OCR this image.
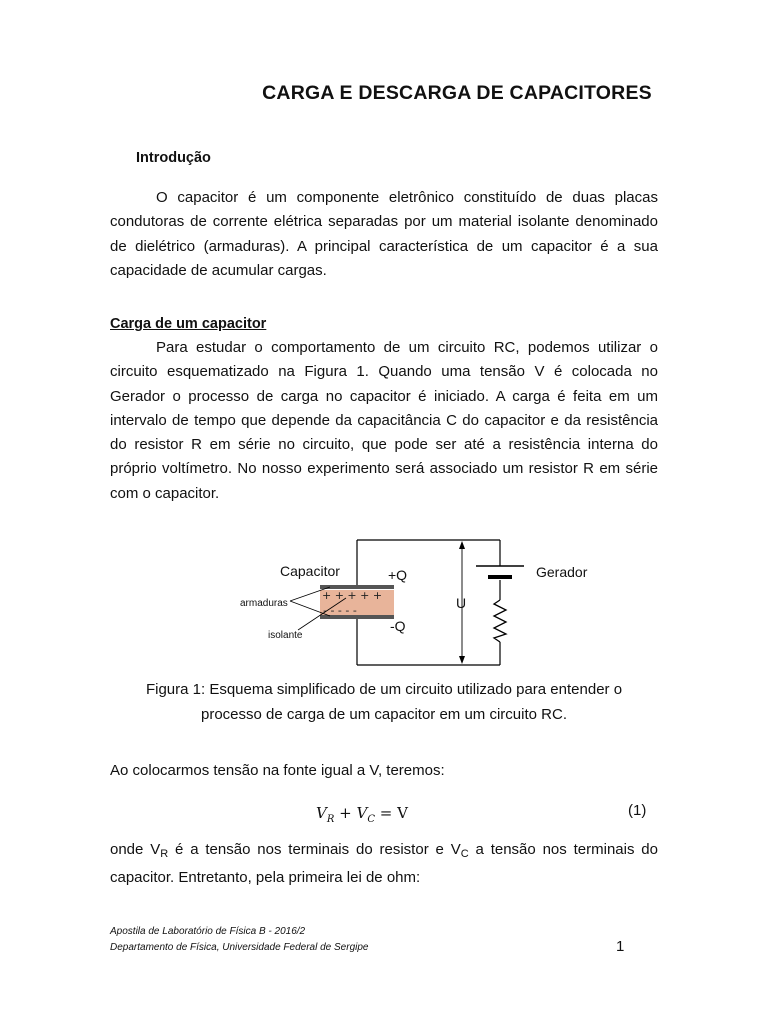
CARGA E DESCARGA DE CAPACITORES
Introdução

O capacitor é um componente eletrônico constituído de duas placas condutoras de corrente elétrica separadas por um material isolante denominado de dielétrico (armaduras). A principal característica de um capacitor é a sua capacidade de acumular cargas.

Carga de um capacitor

Para estudar o comportamento de um circuito RC, podemos utilizar o circuito esquematizado na Figura 1. Quando uma tensão V é colocada no Gerador o processo de carga no capacitor é iniciado. A carga é feita em um intervalo de tempo que depende da capacitância C do capacitor e da resistência do resistor R em série no circuito, que pode ser até a resistência interna do próprio voltímetro. No nosso experimento será associado um resistor R em série com o capacitor.

+ + + + +
- - - - -
Capacitor	+Q
-Q
armaduras
isolante
U
Gerador
Figura 1: Esquema simplificado de um circuito utilizado para entender o
processo de carga de um capacitor em um circuito RC.
Ao colocarmos tensão na fonte igual a V, teremos:
$V_R + V_C = V$	(1)

onde $V_R$ é a tensão nos terminais do resistor e $V_C$ a tensão nos terminais do capacitor. Entretanto, pela primeira lei de ohm:

Apostila de Laboratório de Física B - 2016/2
Departamento de Física, Universidade Federal de Sergipe	1
